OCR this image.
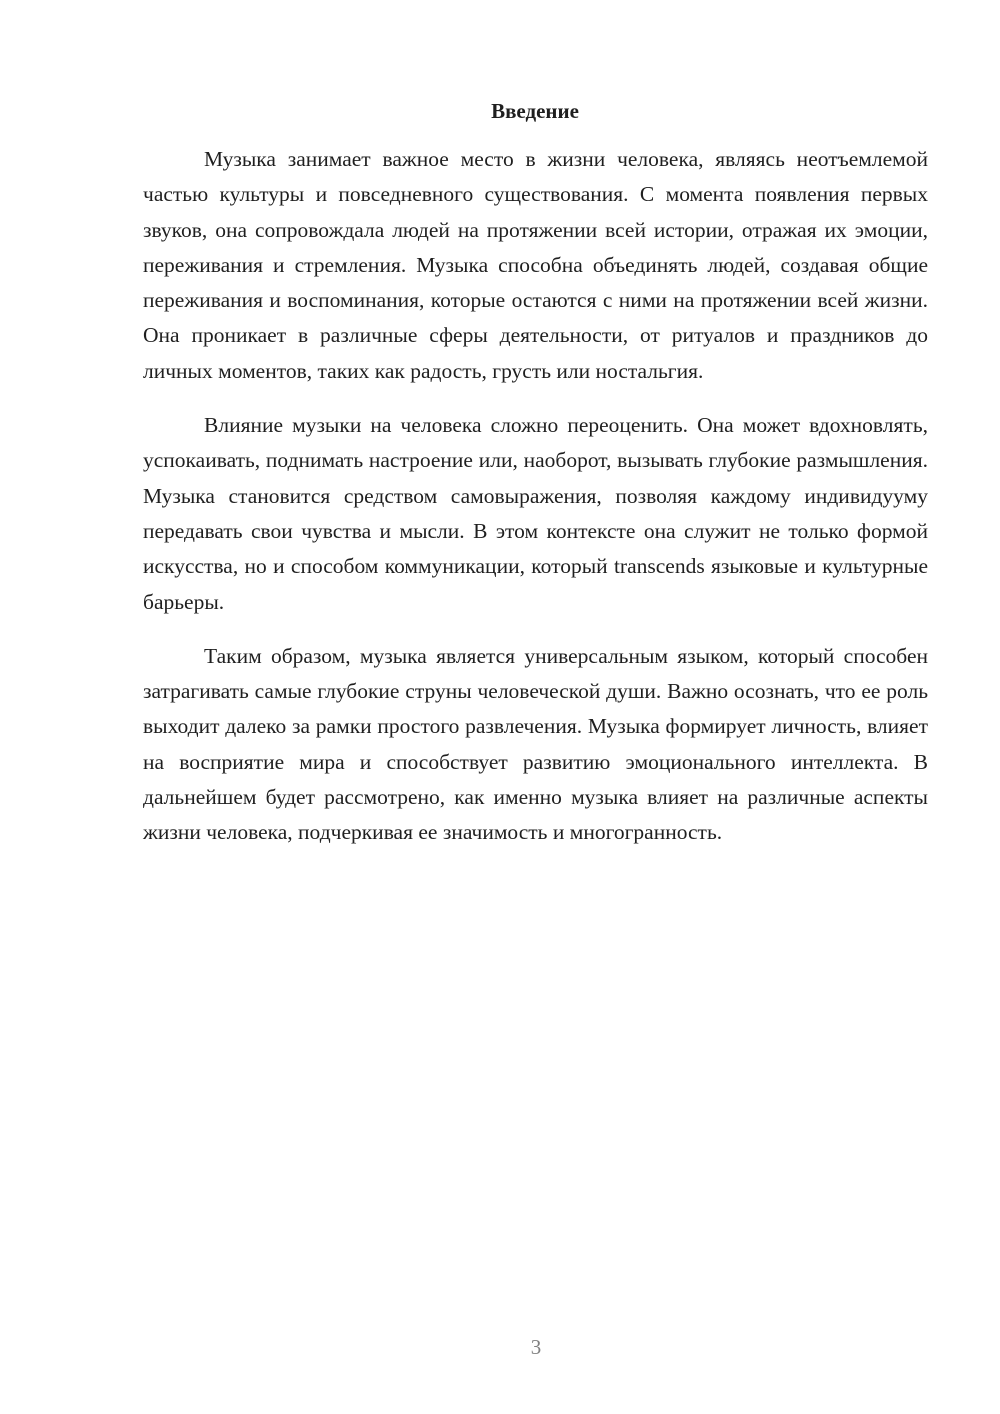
Введение

Музыка занимает важное место в жизни человека, являясь неотъемлемой частью культуры и повседневного существования. С момента появления первых звуков, она сопровождала людей на протяжении всей истории, отражая их эмоции, переживания и стремления. Музыка способна объединять людей, создавая общие переживания и воспоминания, которые остаются с ними на протяжении всей жизни. Она проникает в различные сферы деятельности, от ритуалов и праздников до личных моментов, таких как радость, грусть или ностальгия.

Влияние музыки на человека сложно переоценить. Она может вдохновлять, успокаивать, поднимать настроение или, наоборот, вызывать глубокие размышления. Музыка становится средством самовыражения, позволяя каждому индивидууму передавать свои чувства и мысли. В этом контексте она служит не только формой искусства, но и способом коммуникации, который transcends языковые и культурные барьеры.

Таким образом, музыка является универсальным языком, который способен затрагивать самые глубокие струны человеческой души. Важно осознать, что ее роль выходит далеко за рамки простого развлечения. Музыка формирует личность, влияет на восприятие мира и способствует развитию эмоционального интеллекта. В дальнейшем будет рассмотрено, как именно музыка влияет на различные аспекты жизни человека, подчеркивая ее значимость и многогранность.

3
